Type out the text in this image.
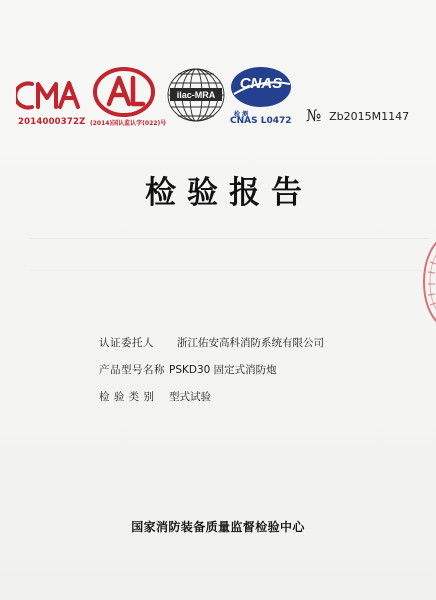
2014000372Z (2014)国认监认字(022)号
ilac-MRA
CNAS
检 测
CNAS L0472 № Zb2015M1147
检验报告
认证委托人 浙江佑安高科消防系统有限公司
产品型号名称 PSKD30 固定式消防炮
检 验 类 别 型式试验
国家消防装备质量监督检验中心
